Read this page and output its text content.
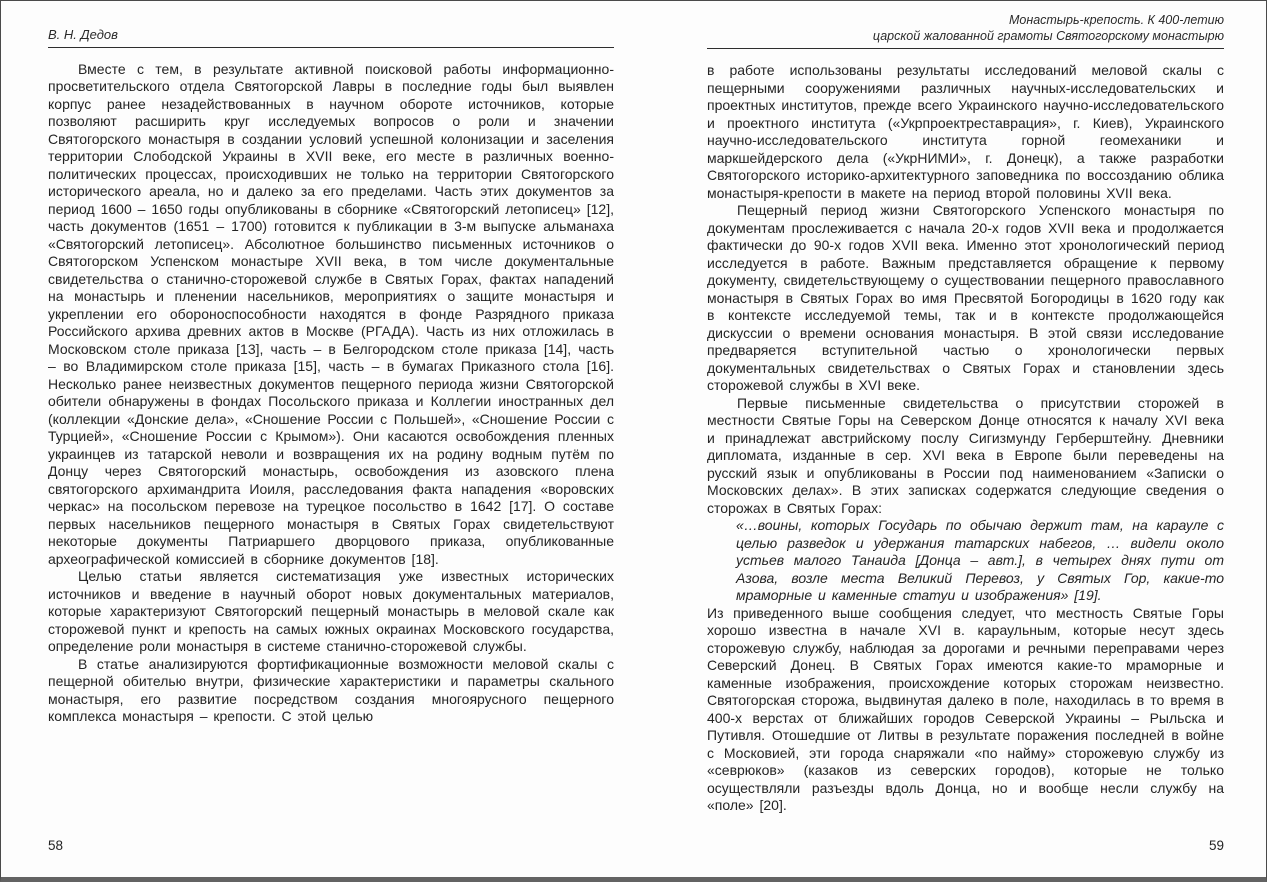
В. Н. Дедов

Вместе с тем, в результате активной поисковой работы информационно-просветительского отдела Святогорской Лавры в последние годы был выявлен корпус ранее незадействованных в научном обороте источников, которые позволяют расширить круг исследуемых вопросов о роли и значении Святогорского монастыря в создании условий успешной колонизации и заселения территории Слободской Украины в XVII веке, его месте в различных военно-политических процессах, происходивших не только на территории Святогорского исторического ареала, но и далеко за его пределами. Часть этих документов за период 1600 – 1650 годы опубликованы в сборнике «Святогорский летописец» [12], часть документов (1651 – 1700) готовится к публикации в 3-м выпуске альманаха «Святогорский летописец». Абсолютное большинство письменных источников о Святогорском Успенском монастыре XVII века, в том числе документальные свидетельства о станично-сторожевой службе в Святых Горах, фактах нападений на монастырь и пленении насельников, мероприятиях о защите монастыря и укреплении его обороноспособности находятся в фонде Разрядного приказа Российского архива древних актов в Москве (РГАДА). Часть из них отложилась в Московском столе приказа [13], часть – в Белгородском столе приказа [14], часть – во Владимирском столе приказа [15], часть – в бумагах Приказного стола [16]. Несколько ранее неизвестных документов пещерного периода жизни Святогорской обители обнаружены в фондах Посольского приказа и Коллегии иностранных дел (коллекции «Донские дела», «Сношение России с Польшей», «Сношение России с Турцией», «Сношение России с Крымом»). Они касаются освобождения пленных украинцев из татарской неволи и возвращения их на родину водным путём по Донцу через Святогорский монастырь, освобождения из азовского плена святогорского архимандрита Иоиля, расследования факта нападения «воровских черкас» на посольском перевозе на турецкое посольство в 1642 [17]. О составе первых насельников пещерного монастыря в Святых Горах свидетельствуют некоторые документы Патриаршего дворцового приказа, опубликованные археографической комиссией в сборнике документов [18].

Целью статьи является систематизация уже известных исторических источников и введение в научный оборот новых документальных материалов, которые характеризуют Святогорский пещерный монастырь в меловой скале как сторожевой пункт и крепость на самых южных окраинах Московского государства, определение роли монастыря в системе станично-сторожевой службы.

В статье анализируются фортификационные возможности меловой скалы с пещерной обителью внутри, физические характеристики и параметры скального монастыря, его развитие посредством создания многоярусного пещерного комплекса монастыря – крепости. С этой целью

58
Монастырь-крепость. К 400-летию
царской жалованной грамоты Святогорскому монастырю

в работе использованы результаты исследований меловой скалы с пещерными сооружениями различных научных-исследовательских и проектных институтов, прежде всего Украинского научно-исследовательского и проектного института («Укрпроектреставрация», г. Киев), Украинского научно-исследовательского института горной геомеханики и маркшейдерского дела («УкрНИМИ», г. Донецк), а также разработки Святогорского историко-архитектурного заповедника по воссозданию облика монастыря-крепости в макете на период второй половины XVII века.

Пещерный период жизни Святогорского Успенского монастыря по документам прослеживается с начала 20-х годов XVII века и продолжается фактически до 90-х годов XVII века. Именно этот хронологический период исследуется в работе. Важным представляется обращение к первому документу, свидетельствующему о существовании пещерного православного монастыря в Святых Горах во имя Пресвятой Богородицы в 1620 году как в контексте исследуемой темы, так и в контексте продолжающейся дискуссии о времени основания монастыря. В этой связи исследование предваряется вступительной частью о хронологически первых документальных свидетельствах о Святых Горах и становлении здесь сторожевой службы в XVI веке.

Первые письменные свидетельства о присутствии сторожей в местности Святые Горы на Северском Донце относятся к началу XVI века и принадлежат австрийскому послу Сигизмунду Герберштейну. Дневники дипломата, изданные в сер. XVI века в Европе были переведены на русский язык и опубликованы в России под наименованием «Записки о Московских делах». В этих записках содержатся следующие сведения о сторожах в Святых Горах:

«…воины, которых Государь по обычаю держит там, на карауле с целью разведок и удержания татарских набегов, … видели около устьев малого Танаида [Донца – авт.], в четырех днях пути от Азова, возле места Великий Перевоз, у Святых Гор, какие-то мраморные и каменные статуи и изображения» [19].

Из приведенного выше сообщения следует, что местность Святые Горы хорошо известна в начале XVI в. караульным, которые несут здесь сторожевую службу, наблюдая за дорогами и речными переправами через Северский Донец. В Святых Горах имеются какие-то мраморные и каменные изображения, происхождение которых сторожам неизвестно. Святогорская сторожа, выдвинутая далеко в поле, находилась в то время в 400-х верстах от ближайших городов Северской Украины – Рыльска и Путивля. Отошедшие от Литвы в результате поражения последней в войне с Московией, эти города снаряжали «по найму» сторожевую службу из «севрюков» (казаков из северских городов), которые не только осуществляли разъезды вдоль Донца, но и вообще несли службу на «поле» [20].

59
